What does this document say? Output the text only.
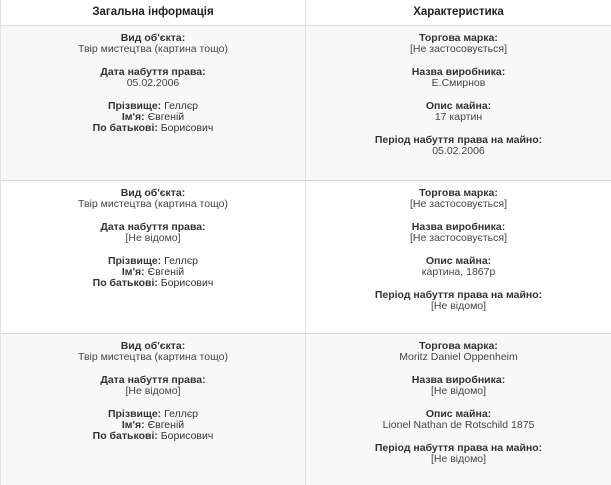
Загальна інформація	Характеристика
Вид об'єкта:
Твір мистецтва (картина тощо)
Дата набуття права:
05.02.2006
Прізвище: Геллєр
Ім'я: Євгеній
По батькові: Борисович
Торгова марка:
[Не застосовується]
Назва виробника:
Е.Смирнов
Опис майна:
17 картин
Період набуття права на майно:
05.02.2006
Вид об'єкта:
Твір мистецтва (картина тощо)
Дата набуття права:
[Не відомо]
Прізвище: Геллєр
Ім'я: Євгеній
По батькові: Борисович
Торгова марка:
[Не застосовується]
Назва виробника:
[Не застосовується]
Опис майна:
картина, 1867р
Період набуття права на майно:
[Не відомо]
Вид об'єкта:
Твір мистецтва (картина тощо)
Дата набуття права:
[Не відомо]
Прізвище: Геллєр
Ім'я: Євгеній
По батькові: Борисович
Торгова марка:
Moritz Daniel Oppenheim
Назва виробника:
[Не відомо]
Опис майна:
Lionel Nathan de Rotschild 1875
Період набуття права на майно:
[Не відомо]
